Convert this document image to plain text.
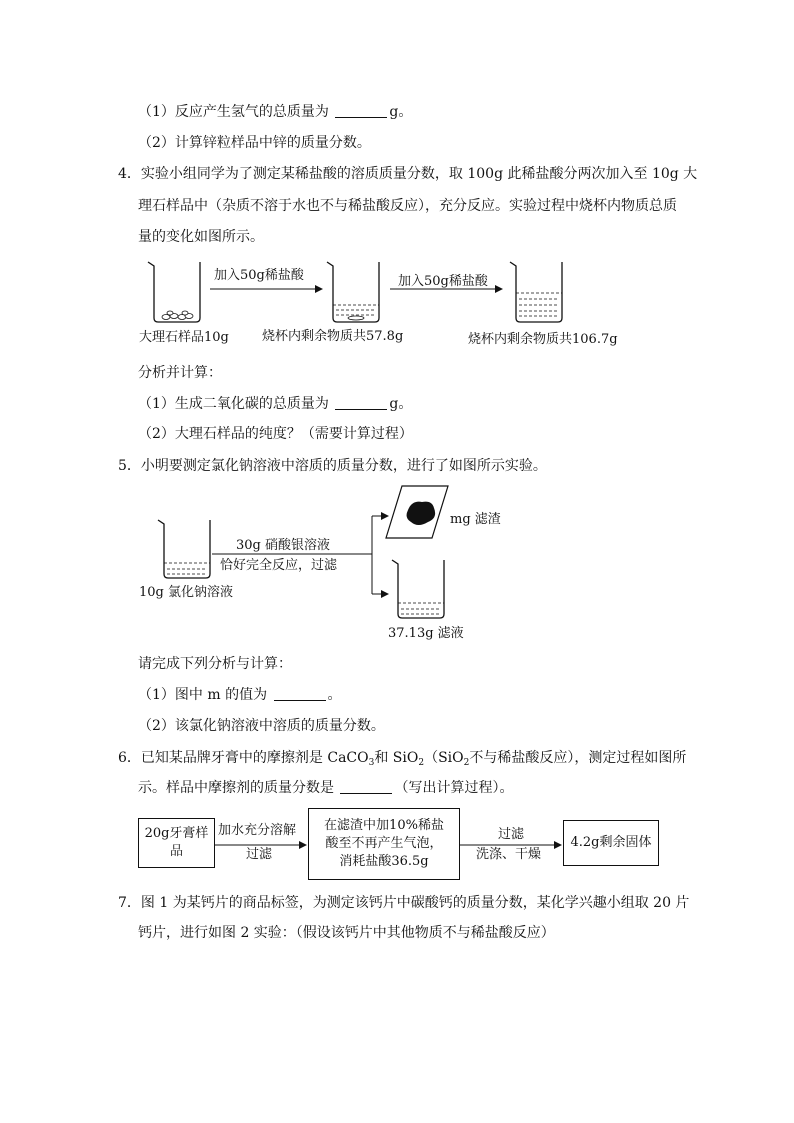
（1）反应产生氢气的总质量为	g。
（2）计算锌粒样品中锌的质量分数。
4．实验小组同学为了测定某稀盐酸的溶质质量分数，取 100g 此稀盐酸分两次加入至 10g 大
理石样品中（杂质不溶于水也不与稀盐酸反应），充分反应。实验过程中烧杯内物质总质
量的变化如图所示。
加入50g稀盐酸	加入50g稀盐酸
大理石样品10g	烧杯内剩余物质共57.8g	烧杯内剩余物质共106.7g
分析并计算：
（1）生成二氧化碳的总质量为	g。
（2）大理石样品的纯度？（需要计算过程）
5．小明要测定氯化钠溶液中溶质的质量分数，进行了如图所示实验。
30g 硝酸银溶液
恰好完全反应，过滤
10g 氯化钠溶液
mg 滤渣
37.13g 滤液
请完成下列分析与计算：
（1）图中 m 的值为	。
（2）该氯化钠溶液中溶质的质量分数。
6．已知某品牌牙膏中的摩擦剂是 CaCO$_3$和 SiO$_2$（SiO$_2$不与稀盐酸反应），测定过程如图所
示。样品中摩擦剂的质量分数是	（写出计算过程）。
20g牙膏样
品
加水充分溶解
过滤
在滤渣中加10%稀盐
酸至不再产生气泡，
消耗盐酸36.5g
过滤
洗涤、干燥
4.2g剩余固体
7．图 1 为某钙片的商品标签，为测定该钙片中碳酸钙的质量分数，某化学兴趣小组取 20 片
钙片，进行如图 2 实验：（假设该钙片中其他物质不与稀盐酸反应）
